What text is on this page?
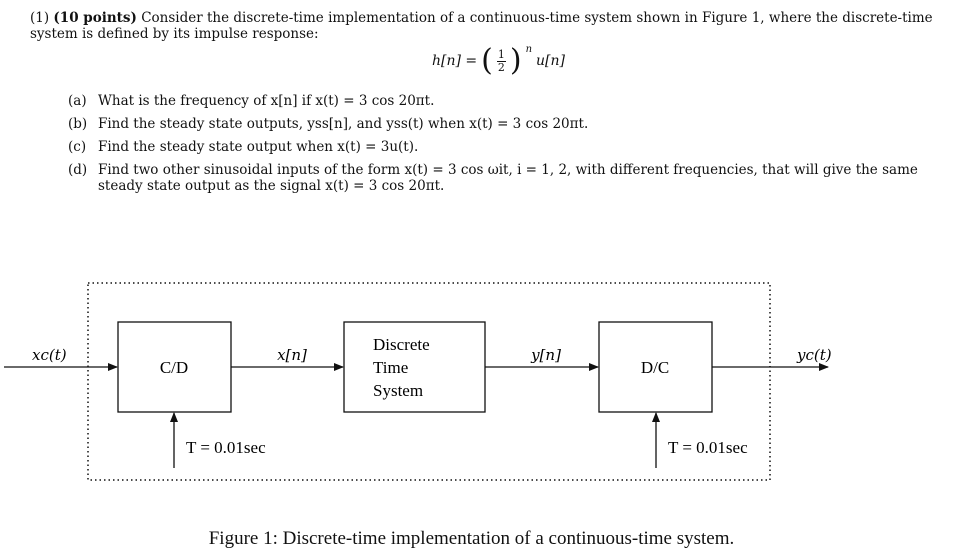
(1) (10 points) Consider the discrete-time implementation of a continuous-time system shown in Figure 1, where the discrete-time system is defined by its impulse response:
h[n] = ( $\frac{1}{2}$ ) n
u[n]
(a) What is the frequency of x[n] if x(t) = 3 cos 20πt.
(b) Find the steady state outputs, yss[n], and yss(t) when x(t) = 3 cos 20πt.
(c) Find the steady state output when x(t) = 3u(t).
(d) Find two other sinusoidal inputs of the form x(t) = 3 cos ωit, i = 1, 2, with different frequencies, that will give the same steady state output as the signal x(t) = 3 cos 20πt.
xc(t)
C/D
x[n]
Discrete
Time
System
y[n]
D/C
yc(t)
T = 0.01sec	T = 0.01sec
Figure 1: Discrete-time implementation of a continuous-time system.
